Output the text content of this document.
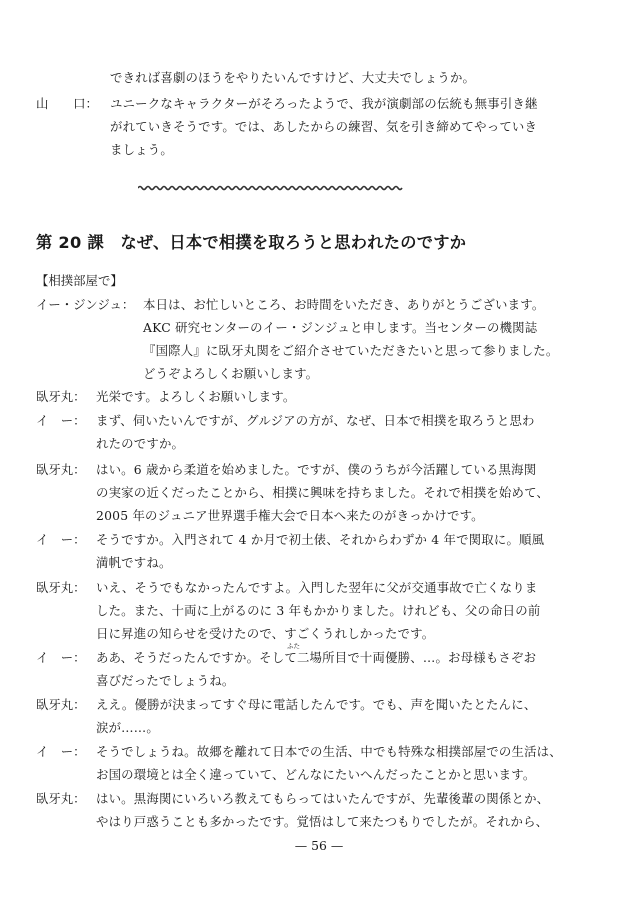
できれば喜劇のほうをやりたいんですけど、大丈夫でしょうか。
山　　口： ユニークなキャラクターがそろったようで、我が演劇部の伝統も無事引き継
がれていきそうです。では、あしたからの練習、気を引き締めてやっていき
ましょう。
第 20 課　なぜ、日本で相撲を取ろうと思われたのですか
【相撲部屋で】
イー・ジンジュ： 本日は、お忙しいところ、お時間をいただき、ありがとうございます。
AKC 研究センターのイー・ジンジュと申します。当センターの機関誌
『国際人』に臥牙丸関をご紹介させていただきたいと思って参りました。
どうぞよろしくお願いします。
臥牙丸： 光栄です。よろしくお願いします。
イ　ー： まず、伺いたいんですが、グルジアの方が、なぜ、日本で相撲を取ろうと思わ
れたのですか。
臥牙丸： はい。6 歳から柔道を始めました。ですが、僕のうちが今活躍している黒海関
の実家の近くだったことから、相撲に興味を持ちました。それで相撲を始めて、
2005 年のジュニア世界選手権大会で日本へ来たのがきっかけです。
イ　ー： そうですか。入門されて 4 か月で初土俵、それからわずか 4 年で関取に。順風
満帆ですね。
臥牙丸： いえ、そうでもなかったんですよ。入門した翌年に父が交通事故で亡くなりま
した。また、十両に上がるのに 3 年もかかりました。けれども、父の命日の前
日に昇進の知らせを受けたので、すごくうれしかったです。
ふた
イ　ー： ああ、そうだったんですか。そして二場所目で十両優勝、…。お母様もさぞお
喜びだったでしょうね。
臥牙丸： ええ。優勝が決まってすぐ母に電話したんです。でも、声を聞いたとたんに、
涙が……。
イ　ー： そうでしょうね。故郷を離れて日本での生活、中でも特殊な相撲部屋での生活は、
お国の環境とは全く違っていて、どんなにたいへんだったことかと思います。
臥牙丸： はい。黒海関にいろいろ教えてもらってはいたんですが、先輩後輩の関係とか、
やはり戸惑うことも多かったです。覚悟はして来たつもりでしたが。それから、
— 56 —
